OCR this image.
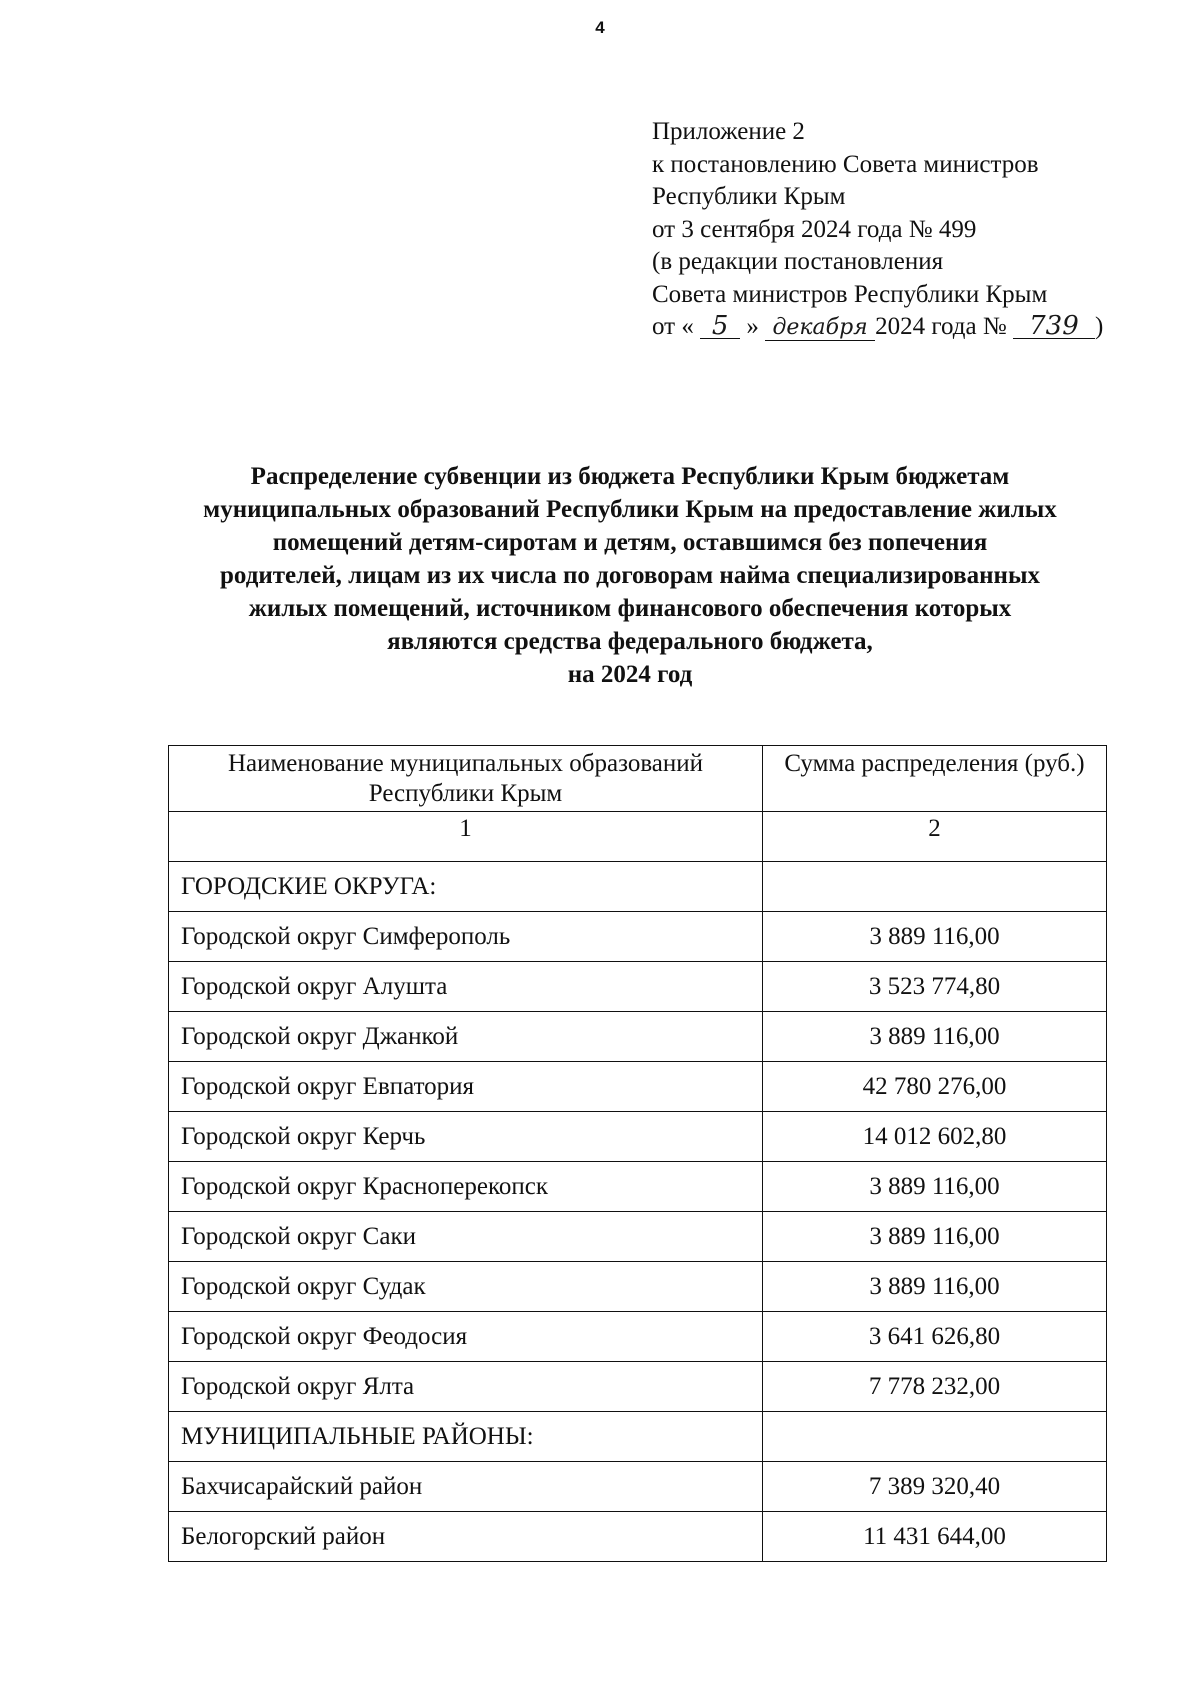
4
Приложение 2
к постановлению Совета министров
Республики Крым
от 3 сентября 2024 года № 499
(в редакции постановления
Совета министров Республики Крым
от « 5 » декабря 2024 года № 739 )
Распределение субвенции из бюджета Республики Крым бюджетам
муниципальных образований Республики Крым на предоставление жилых
помещений детям-сиротам и детям, оставшимся без попечения
родителей, лицам из их числа по договорам найма специализированных
жилых помещений, источником финансового обеспечения которых
являются средства федерального бюджета,
на 2024 год
Наименование муниципальных образований
Республики Крым	Сумма распределения (руб.)
1	2
ГОРОДСКИЕ ОКРУГА:	
Городской округ Симферополь	3 889 116,00
Городской округ Алушта	3 523 774,80
Городской округ Джанкой	3 889 116,00
Городской округ Евпатория	42 780 276,00
Городской округ Керчь	14 012 602,80
Городской округ Красноперекопск	3 889 116,00
Городской округ Саки	3 889 116,00
Городской округ Судак	3 889 116,00
Городской округ Феодосия	3 641 626,80
Городской округ Ялта	7 778 232,00
МУНИЦИПАЛЬНЫЕ РАЙОНЫ:	
Бахчисарайский район	7 389 320,40
Белогорский район	11 431 644,00
